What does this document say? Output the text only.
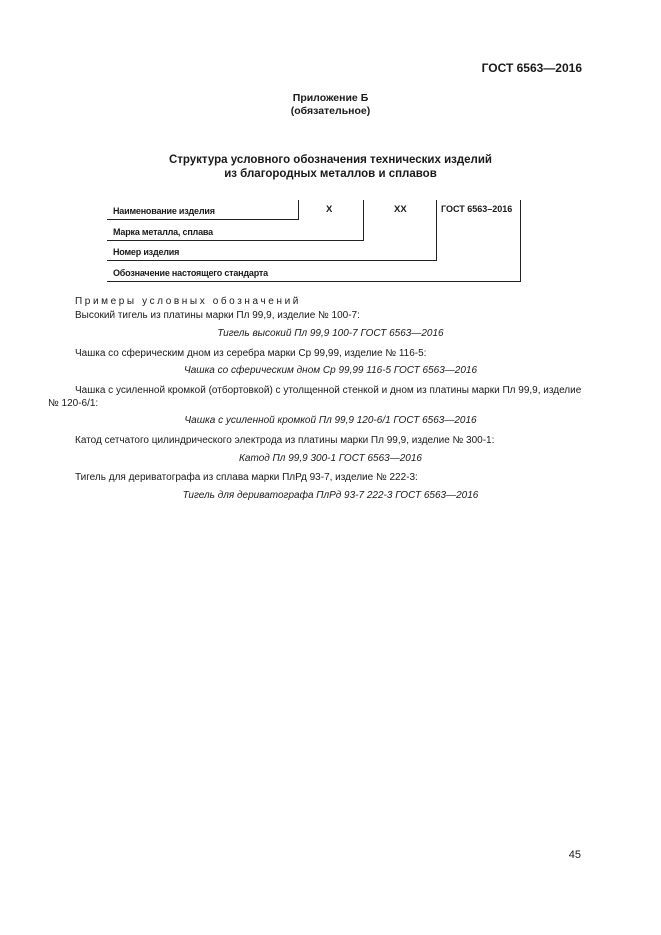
ГОСТ 6563—2016
Приложение Б
(обязательное)
Структура условного обозначения технических изделий
из благородных металлов и сплавов
Наименование изделия
Марка металла, сплава
Номер изделия
Обозначение настоящего стандарта
X	XX	ГОСТ 6563–2016
Примеры условных обозначений
Высокий тигель из платины марки Пл 99,9, изделие № 100-7:
Тигель высокий Пл 99,9 100-7 ГОСТ 6563—2016
Чашка со сферическим дном из серебра марки Ср 99,99, изделие № 116-5:
Чашка со сферическим дном Ср 99,99 116-5 ГОСТ 6563—2016
Чашка с усиленной кромкой (отбортовкой) с утолщенной стенкой и дном из платины марки Пл 99,9, изделие
№ 120-6/1:
Чашка с усиленной кромкой Пл 99,9 120-6/1 ГОСТ 6563—2016
Катод сетчатого цилиндрического электрода из платины марки Пл 99,9, изделие № 300-1:
Катод Пл 99,9 300-1 ГОСТ 6563—2016
Тигель для дериватографа из сплава марки ПлРд 93-7, изделие № 222-3:
Тигель для дериватографа ПлРд 93-7 222-3 ГОСТ 6563—2016
45
